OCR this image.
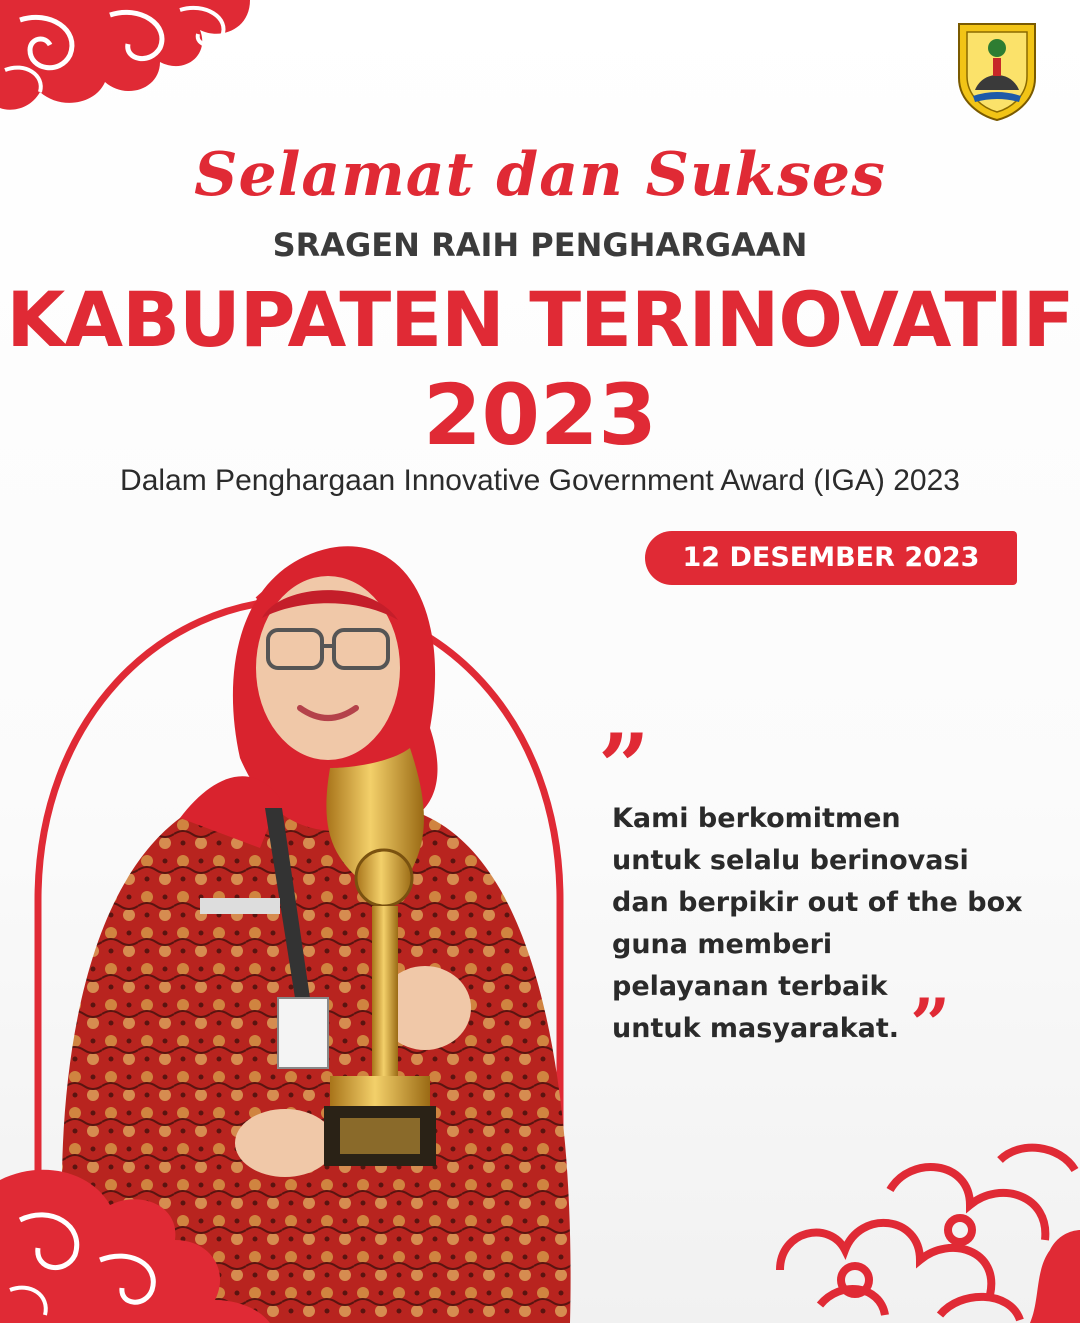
Selamat dan Sukses
SRAGEN RAIH PENGHARGAAN
KABUPATEN TERINOVATIF
2023
Dalam Penghargaan Innovative Government Award (IGA) 2023
12 DESEMBER 2023
”
Kami berkomitmen
untuk selalu berinovasi
dan berpikir out of the box
guna memberi
pelayanan terbaik
untuk masyarakat. ”
